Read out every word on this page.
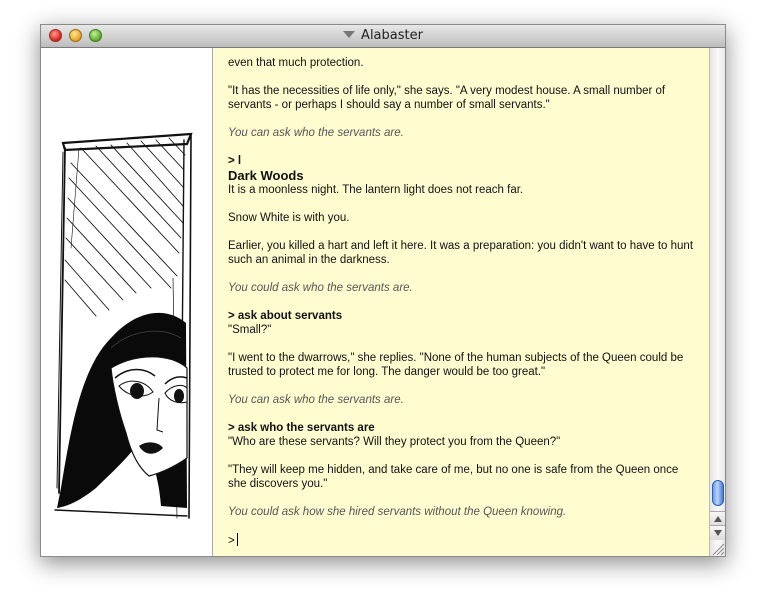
Alabaster

even that much protection.

"It has the necessities of life only," she says. "A very modest house. A small number of servants - or perhaps I should say a number of small servants."

You can ask who the servants are.

> l

Dark Woods

It is a moonless night. The lantern light does not reach far.

Snow White is with you.

Earlier, you killed a hart and left it here. It was a preparation: you didn't want to have to hunt such an animal in the darkness.

You could ask who the servants are.

> ask about servants

"Small?"

"I went to the dwarrows," she replies. "None of the human subjects of the Queen could be trusted to protect me for long. The danger would be too great."

You can ask who the servants are.

> ask who the servants are

"Who are these servants? Will they protect you from the Queen?"

"They will keep me hidden, and take care of me, but no one is safe from the Queen once she discovers you."

You could ask how she hired servants without the Queen knowing.

>
